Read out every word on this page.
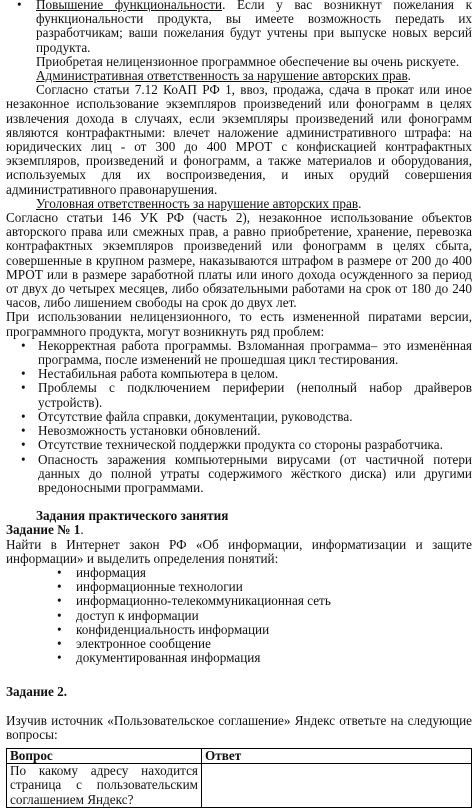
• Повышение функциональности. Если у вас возникнут пожелания к функциональности продукта, вы имеете возможность передать их разработчикам; ваши пожелания будут учтены при выпуске новых версий продукта.

Приобретая нелицензионное программное обеспечение вы очень рискуете.

Административная ответственность за нарушение авторских прав.

Согласно статьи 7.12 КоАП РФ 1, ввоз, продажа, сдача в прокат или иное незаконное использование экземпляров произведений или фонограмм в целях извлечения дохода в случаях, если экземпляры произведений или фонограмм являются контрафактными: влечет наложение административного штрафа: на юридических лиц - от 300 до 400 МРОТ с конфискацией контрафактных экземпляров, произведений и фонограмм, а также материалов и оборудования, используемых для их воспроизведения, и иных орудий совершения административного правонарушения.

Уголовная ответственность за нарушение авторских прав.

Согласно статьи 146 УК РФ (часть 2), незаконное использование объектов авторского права или смежных прав, а равно приобретение, хранение, перевозка контрафактных экземпляров произведений или фонограмм в целях сбыта, совершенные в крупном размере, наказываются штрафом в размере от 200 до 400 МРОТ или в размере заработной платы или иного дохода осужденного за период от двух до четырех месяцев, либо обязательными работами на срок от 180 до 240 часов, либо лишением свободы на срок до двух лет.

При использовании нелицензионного, то есть измененной пиратами версии, программного продукта, могут возникнуть ряд проблем:

• Некорректная работа программы. Взломанная программа– это изменённая программа, после изменений не прошедшая цикл тестирования.
• Нестабильная работа компьютера в целом.
• Проблемы с подключением периферии (неполный набор драйверов устройств).
• Отсутствие файла справки, документации, руководства.
• Невозможность установки обновлений.
• Отсутствие технической поддержки продукта со стороны разработчика.
• Опасность заражения компьютерными вирусами (от частичной потери данных до полной утраты содержимого жёсткого диска) или другими вредоносными программами.

Задания практического занятия

Задание № 1.

Найти в Интернет закон РФ «Об информации, информатизации и защите информации» и выделить определения понятий:

• информация
• информационные технологии
• информационно-телекоммуникационная сеть
• доступ к информации
• конфиденциальность информации
• электронное сообщение
• документированная информация

Задание 2.

Изучив источник «Пользовательское соглашение» Яндекс ответьте на следующие вопросы:

Вопрос	Ответ
По какому адресу находится страница с пользовательским соглашением Яндекс?	
